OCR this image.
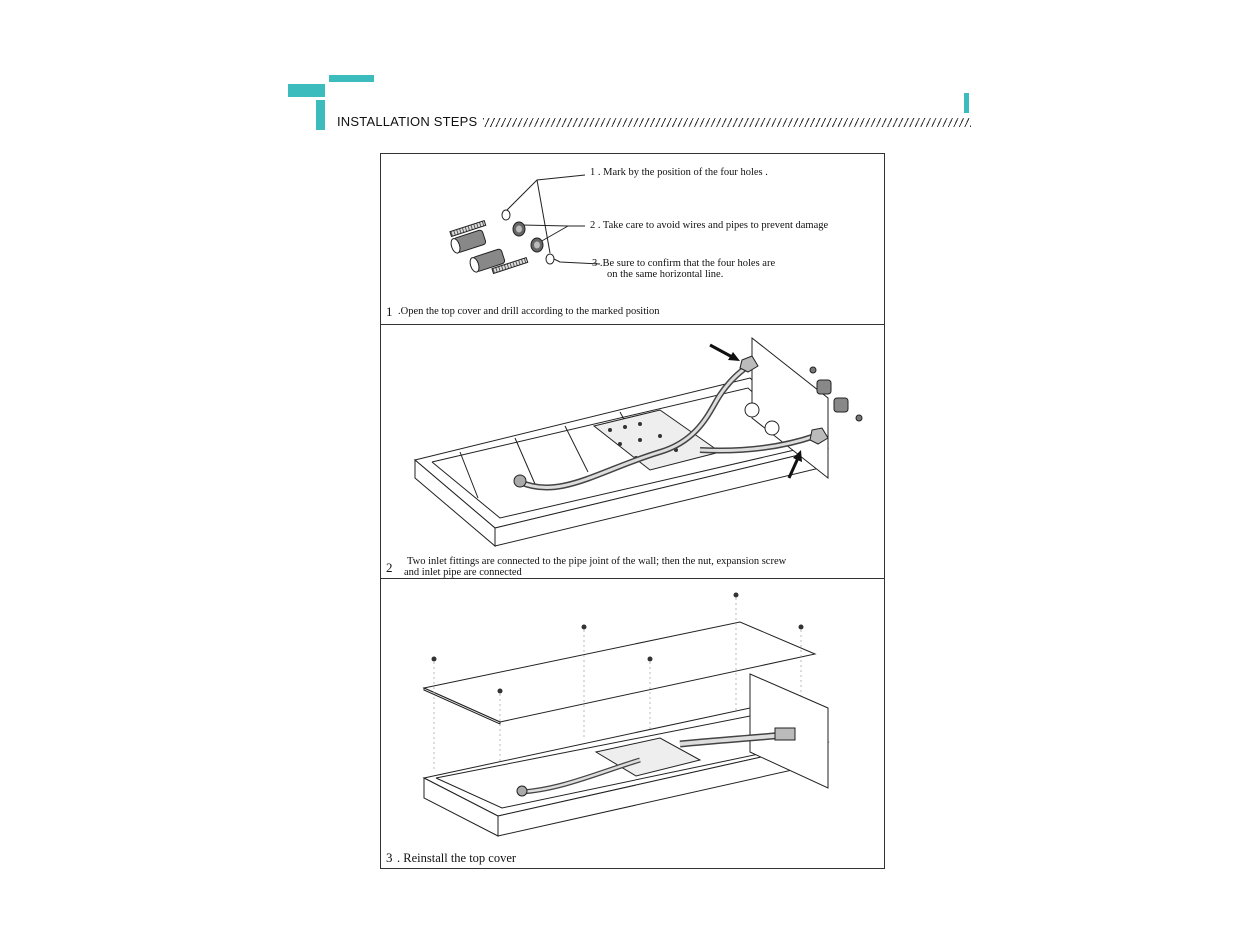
INSTALLATION STEPS
1 . Mark by the position of the four holes .
2 . Take care to avoid wires and pipes to prevent damage
3 .Be sure to confirm that the four holes are
on the same horizontal line.
1 .Open the top cover and drill according to the marked position
2 Two inlet fittings are connected to the pipe joint of the wall; then the nut, expansion screw
and inlet pipe are connected
3 . Reinstall the top cover
